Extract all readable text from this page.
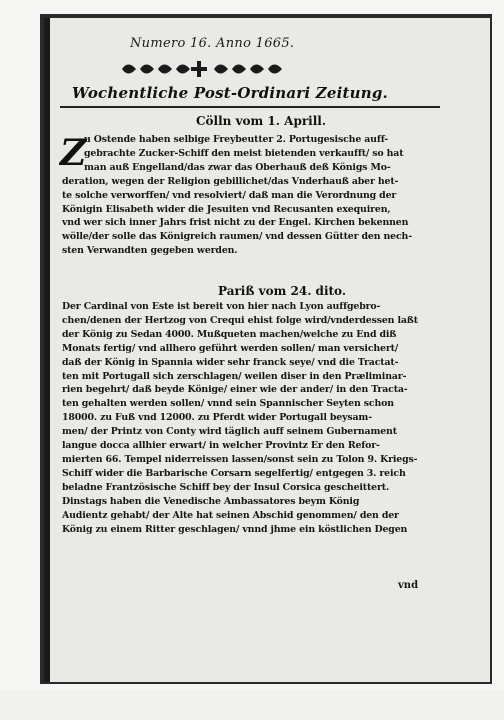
Numero 16. Anno 1665.
Wochentliche Post-Ordinari Zeitung.
Cölln vom 1. Aprill.
Z
u Ostende haben selbige Freybeutter 2. Portugesische auff-
gebrachte Zucker-Schiff den meist bietenden verkaufft/ so hat
man auß Engelland/das zwar das Oberhauß deß Königs Mo-
deration, wegen der Religion gebillichet/das Vnderhauß aber het-
te solche verworffen/ vnd resolviert/ daß man die Verordnung der
Königin Elisabeth wider die Jesuiten vnd Recusanten exequiren,
vnd wer sich inner Jahrs frist nicht zu der Engel. Kirchen bekennen
wölle/der solle das Königreich raumen/ vnd dessen Gütter den nech-
sten Verwandten gegeben werden.
Pariß vom 24. dito.
Der Cardinal von Este ist bereit von hier nach Lyon auffgebro-
chen/denen der Hertzog von Crequi ehist folge wird/vnderdessen laßt
der König zu Sedan 4000. Mußqueten machen/welche zu End diß
Monats fertig/ vnd allhero geführt werden sollen/ man versichert/
daß der König in Spannia wider sehr franck seye/ vnd die Tractat-
ten mit Portugall sich zerschlagen/ weilen diser in den Præliminar-
rien begehrt/ daß beyde Könige/ einer wie der ander/ in den Tracta-
ten gehalten werden sollen/ vnnd sein Spannischer Seyten schon
18000. zu Fuß vnd 12000. zu Pferdt wider Portugall beysam-
men/ der Printz von Conty wird täglich auff seinem Gubernament
langue docca allhier erwart/ in welcher Provintz Er den Refor-
mierten 66. Tempel niderreissen lassen/sonst sein zu Tolon 9. Kriegs-
Schiff wider die Barbarische Corsarn segelfertig/ entgegen 3. reich
beladne Frantzösische Schiff bey der Insul Corsica gescheittert.
Dinstags haben die Venedische Ambassatores beym König
Audientz gehabt/ der Alte hat seinen Abschid genommen/ den der
König zu einem Ritter geschlagen/ vnnd jhme ein köstlichen Degen
vnd
